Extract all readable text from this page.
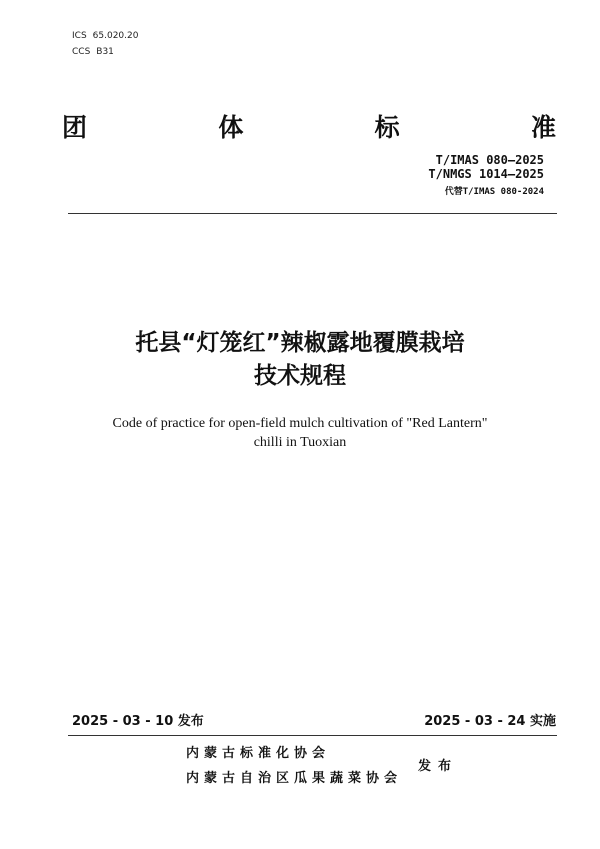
ICS 65.020.20
CCS B31
团	体	标	准
T/IMAS 080—2025
T/NMGS 1014—2025
代替T/IMAS 080-2024
托县“灯笼红”辣椒露地覆膜栽培
技术规程
Code of practice for open-field mulch cultivation of "Red Lantern"
chilli in Tuoxian
2025 - 03 - 10 发布	2025 - 03 - 24 实施
内蒙古标准化协会
内蒙古自治区瓜果蔬菜协会
发布
